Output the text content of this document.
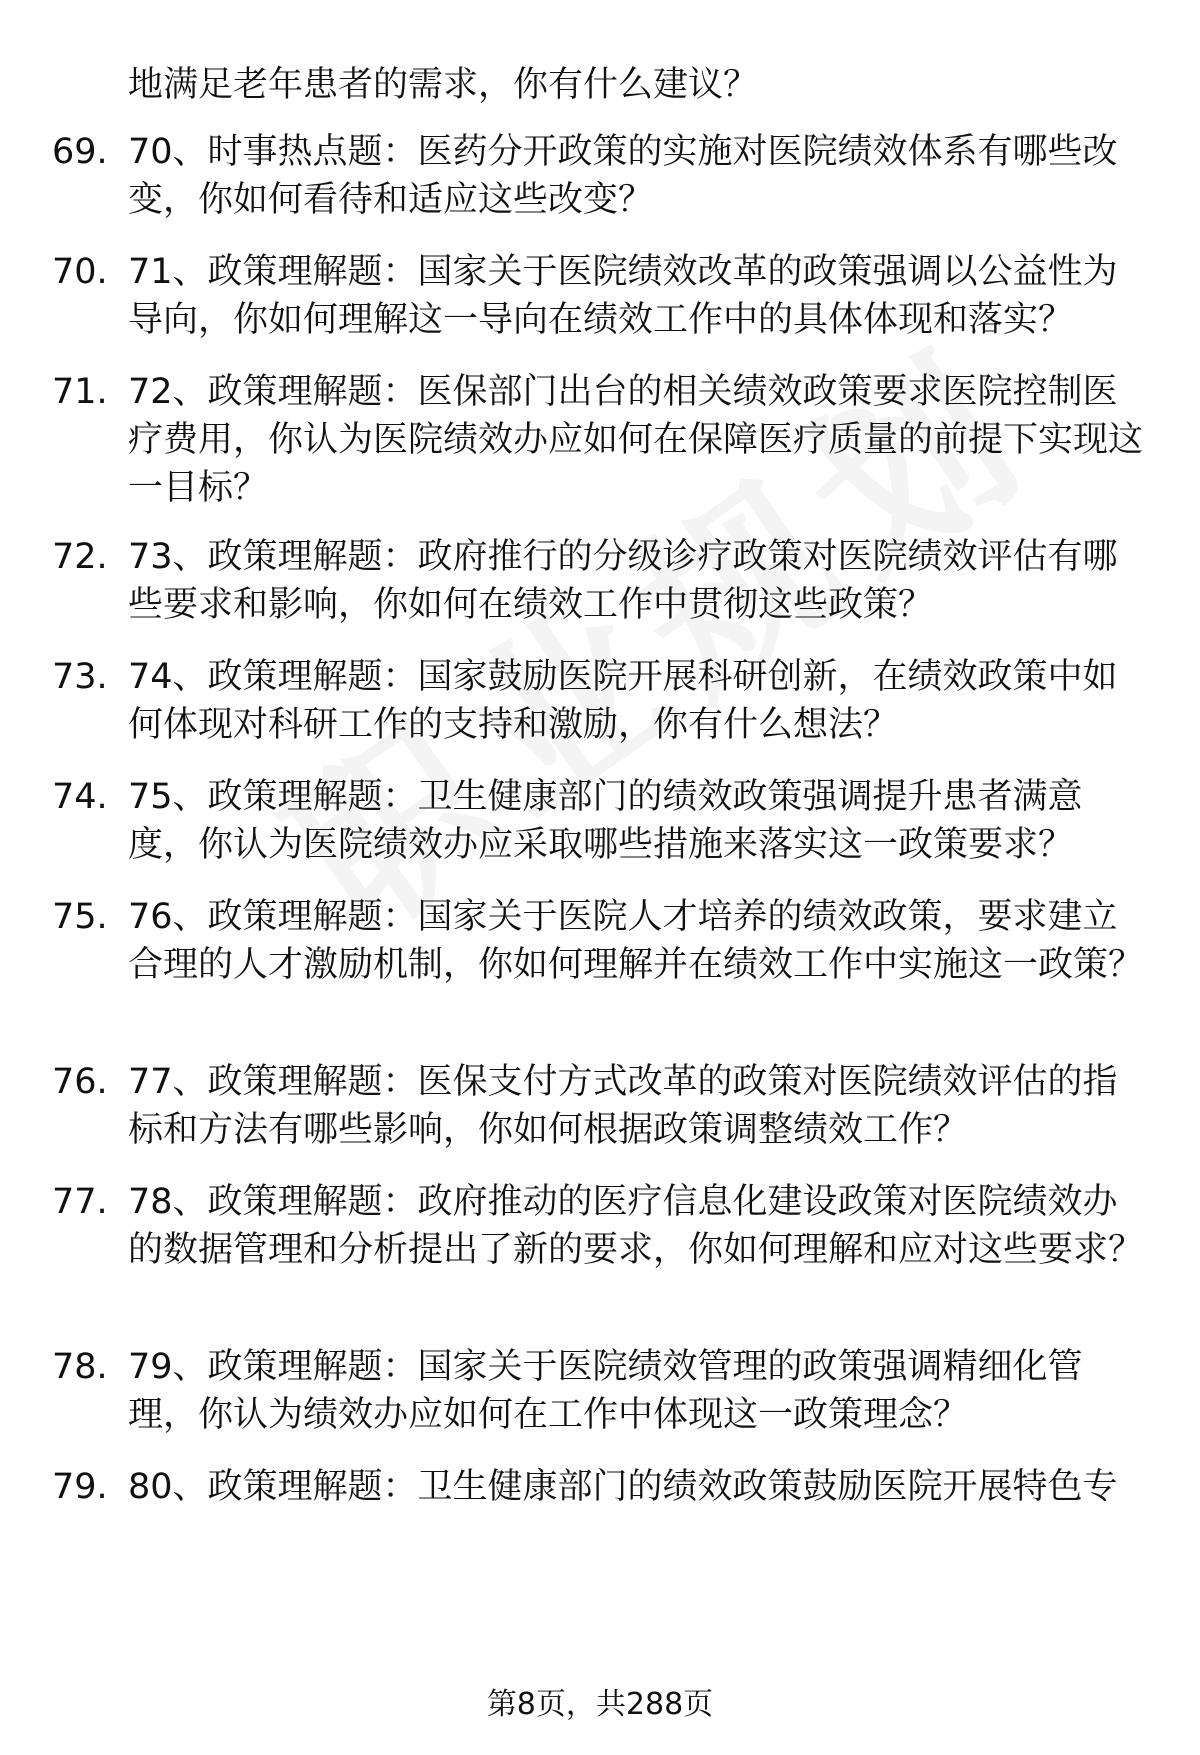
地满足老年患者的需求，你有什么建议？

69. 70、时事热点题：医药分开政策的实施对医院绩效体系有哪些改变，你如何看待和适应这些改变？

70. 71、政策理解题：国家关于医院绩效改革的政策强调以公益性为导向，你如何理解这一导向在绩效工作中的具体体现和落实？

71. 72、政策理解题：医保部门出台的相关绩效政策要求医院控制医疗费用，你认为医院绩效办应如何在保障医疗质量的前提下实现这一目标？

72. 73、政策理解题：政府推行的分级诊疗政策对医院绩效评估有哪些要求和影响，你如何在绩效工作中贯彻这些政策？

73. 74、政策理解题：国家鼓励医院开展科研创新，在绩效政策中如何体现对科研工作的支持和激励，你有什么想法？

74. 75、政策理解题：卫生健康部门的绩效政策强调提升患者满意度，你认为医院绩效办应采取哪些措施来落实这一政策要求？

75. 76、政策理解题：国家关于医院人才培养的绩效政策，要求建立合理的人才激励机制，你如何理解并在绩效工作中实施这一政策？

76. 77、政策理解题：医保支付方式改革的政策对医院绩效评估的指标和方法有哪些影响，你如何根据政策调整绩效工作？

77. 78、政策理解题：政府推动的医疗信息化建设政策对医院绩效办的数据管理和分析提出了新的要求，你如何理解和应对这些要求？

78. 79、政策理解题：国家关于医院绩效管理的政策强调精细化管理，你认为绩效办应如何在工作中体现这一政策理念？

79. 80、政策理解题：卫生健康部门的绩效政策鼓励医院开展特色专

第8页，共288页
